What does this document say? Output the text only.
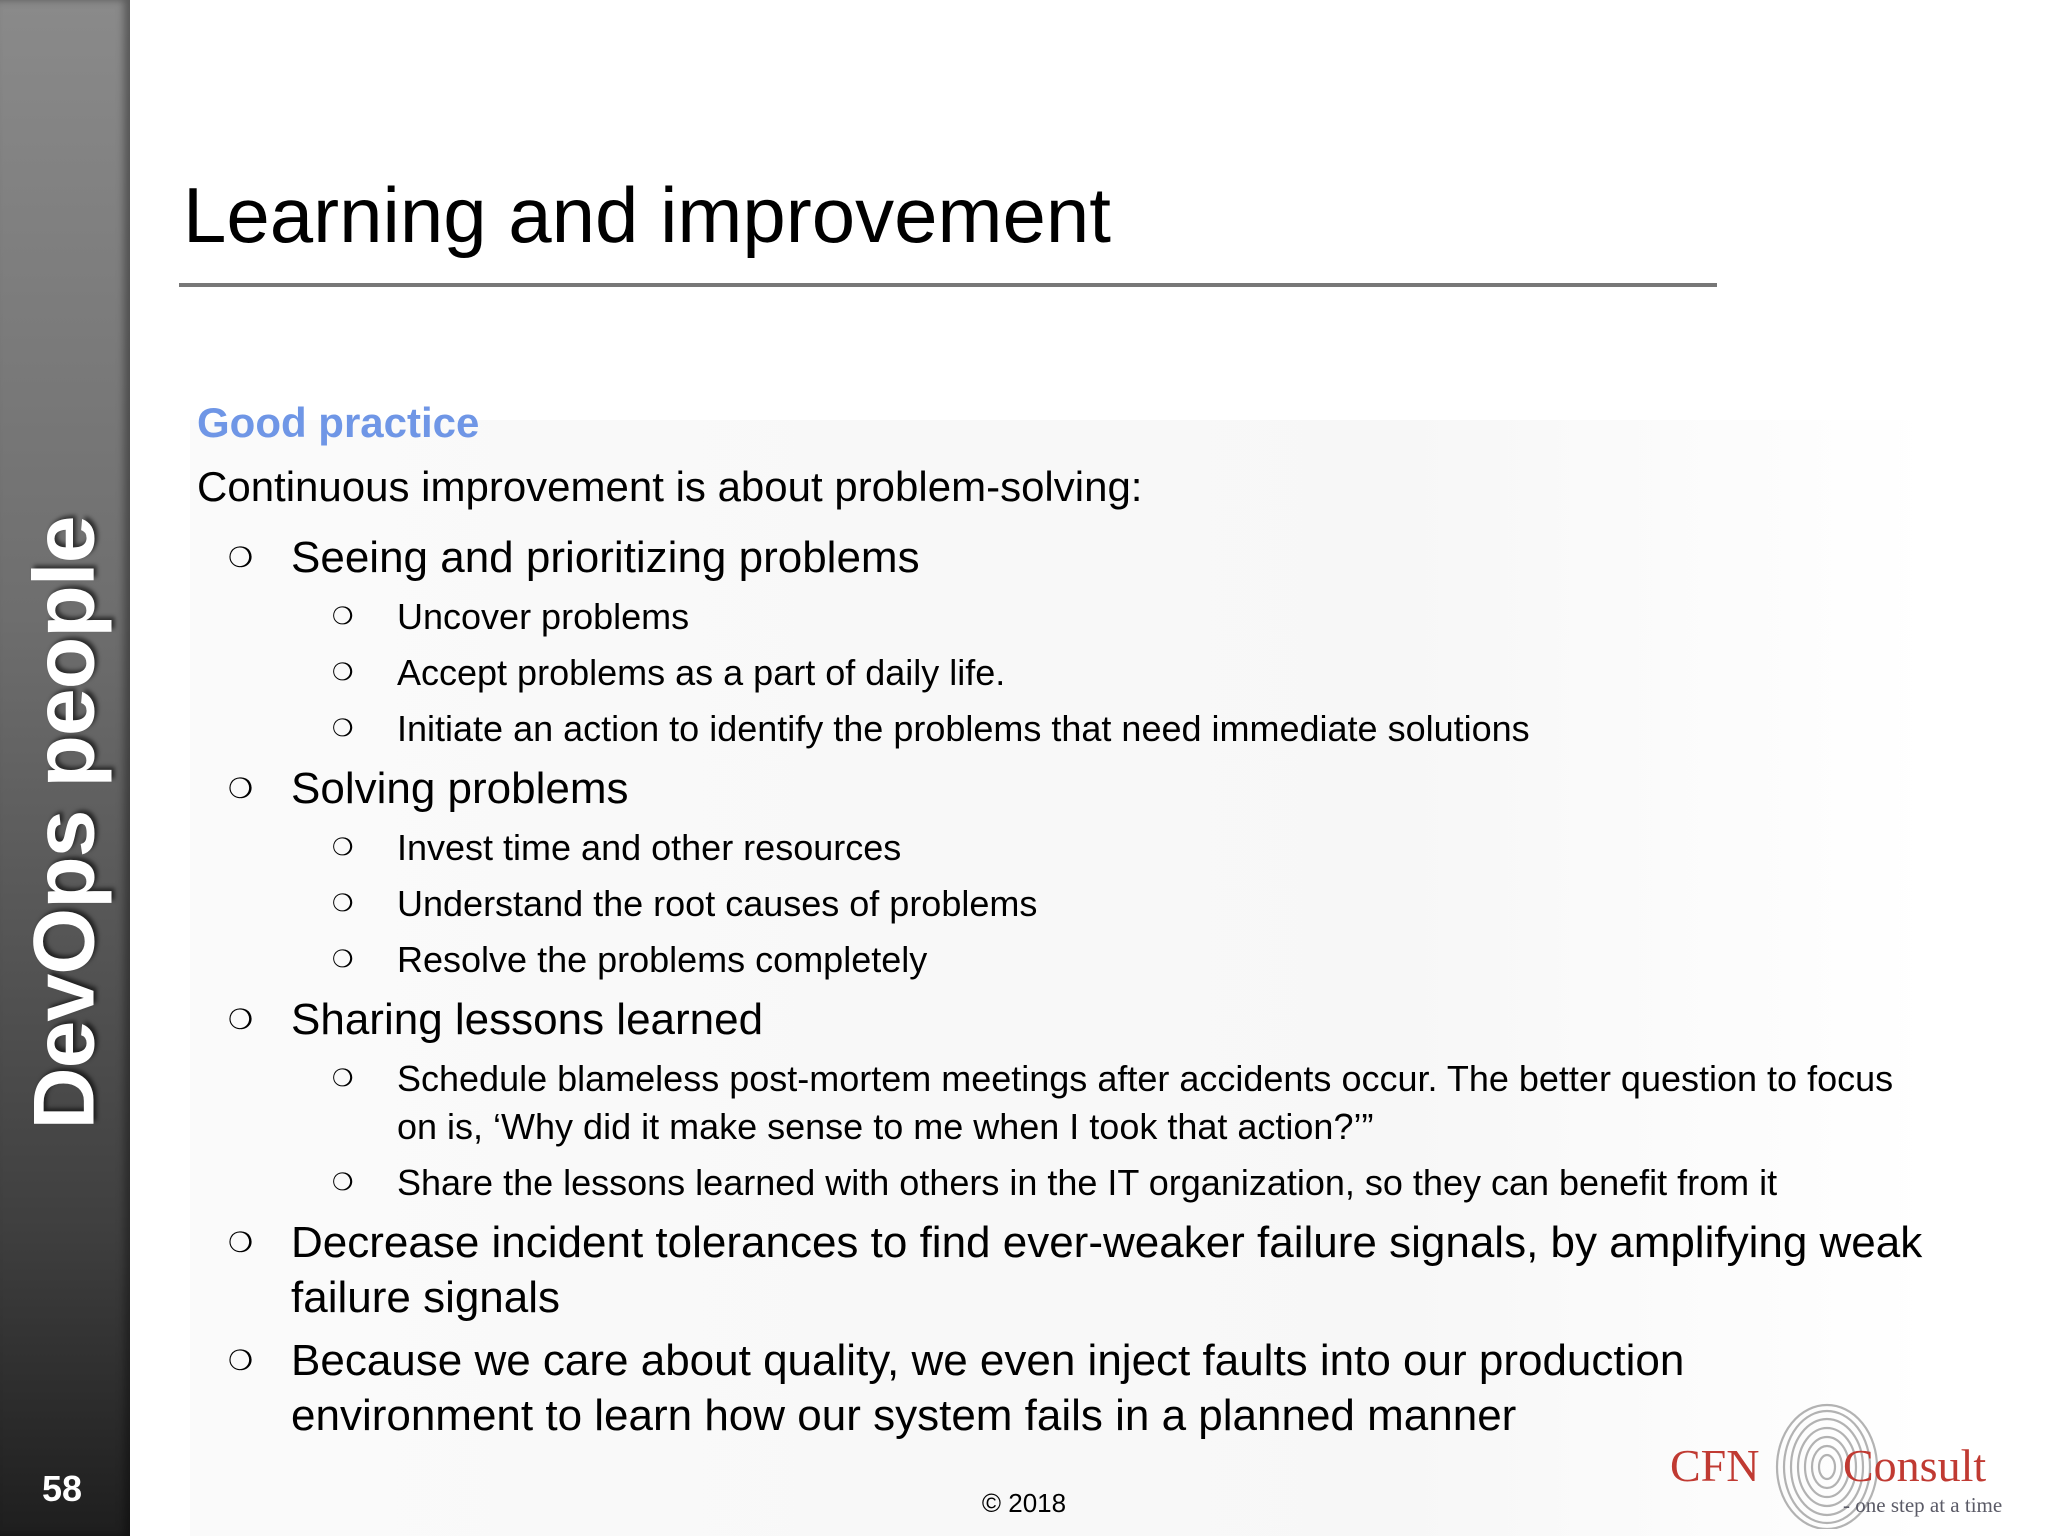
DevOps people
58
Learning and improvement
Good practice
Continuous improvement is about problem-solving:
❍ Seeing and prioritizing problems
❍ Uncover problems
❍ Accept problems as a part of daily life.
❍ Initiate an action to identify the problems that need immediate solutions
❍ Solving problems
❍ Invest time and other resources
❍ Understand the root causes of problems
❍ Resolve the problems completely
❍ Sharing lessons learned
❍ Schedule blameless post-mortem meetings after accidents occur. The better question to focus on is, ‘Why did it make sense to me when I took that action?’”
❍ Share the lessons learned with others in the IT organization, so they can benefit from it
❍ Decrease incident tolerances to find ever-weaker failure signals, by amplifying weak failure signals
❍ Because we care about quality, we even inject faults into our production environment to learn how our system fails in a planned manner
© 2018
CFN Consult
- one step at a time
